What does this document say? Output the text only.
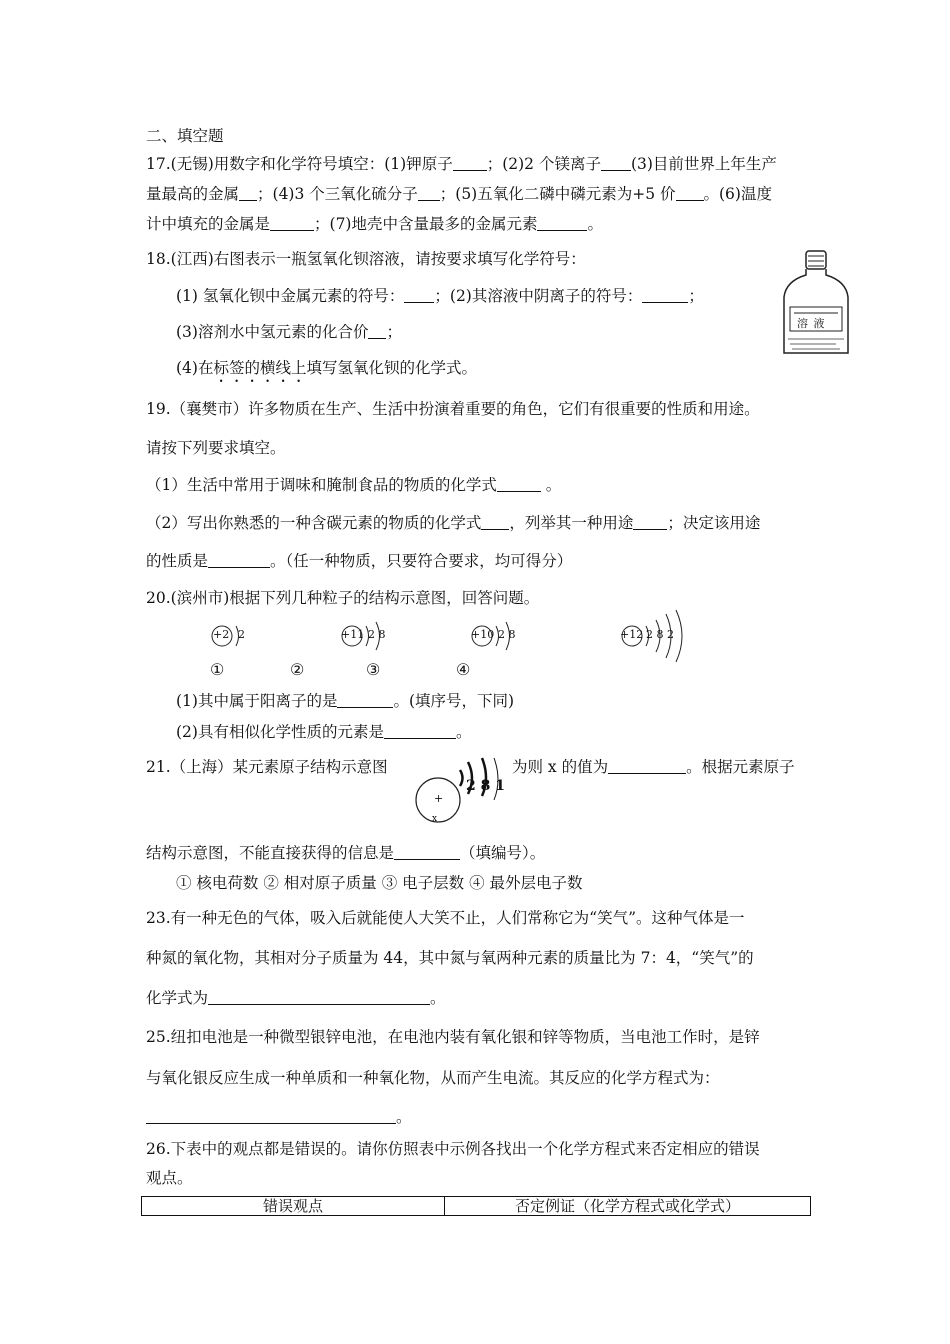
二、填空题
17.(无锡)用数字和化学符号填空：(1)钾原子 ；(2)2 个镁离子 (3)目前世界上年生产
量最高的金属 ；(4)3 个三氧化硫分子 ；(5)五氧化二磷中磷元素为+5 价 。(6)温度
计中填充的金属是	；(7)地壳中含量最多的金属元素	。
18.(江西)右图表示一瓶氢氧化钡溶液，请按要求填写化学符号：
(1) 氢氧化钡中金属元素的符号： ；(2)其溶液中阴离子的符号：	；
(3)溶剂水中氢元素的化合价 ；
(4)在标签的横线上填写氢氧化钡的化学式。
溶 液
19.（襄樊市）许多物质在生产、生活中扮演着重要的角色，它们有很重要的性质和用途。
请按下列要求填空。
（1）生活中常用于调味和腌制食品的物质的化学式	。
（2）写出你熟悉的一种含碳元素的物质的化学式 ，列举其一种用途 ；决定该用途
的性质是	。（任一种物质，只要符合要求，均可得分）
20.(滨州市)根据下列几种粒子的结构示意图，回答问题。
+2 2	+11 2 8	+10 2 8	+12 2 8 2
①	②	③	④
(1)其中属于阳离子的是	。(填序号，下同)
(2)具有相似化学性质的元素是	。
21.（上海）某元素原子结构示意图
+
x
2 8 1
为则 x 的值为	。根据元素原子
结构示意图，不能直接获得的信息是	（填编号）。
① 核电荷数 ② 相对原子质量 ③ 电子层数 ④ 最外层电子数
23.有一种无色的气体，吸入后就能使人大笑不止，人们常称它为“笑气”。这种气体是一
种氮的氧化物，其相对分子质量为 44，其中氮与氧两种元素的质量比为 7：4，“笑气”的
化学式为	。
25.纽扣电池是一种微型银锌电池，在电池内装有氧化银和锌等物质，当电池工作时，是锌
与氧化银反应生成一种单质和一种氧化物，从而产生电流。其反应的化学方程式为：
。
26.下表中的观点都是错误的。请你仿照表中示例各找出一个化学方程式来否定相应的错误
观点。
错误观点	否定例证（化学方程式或化学式）
